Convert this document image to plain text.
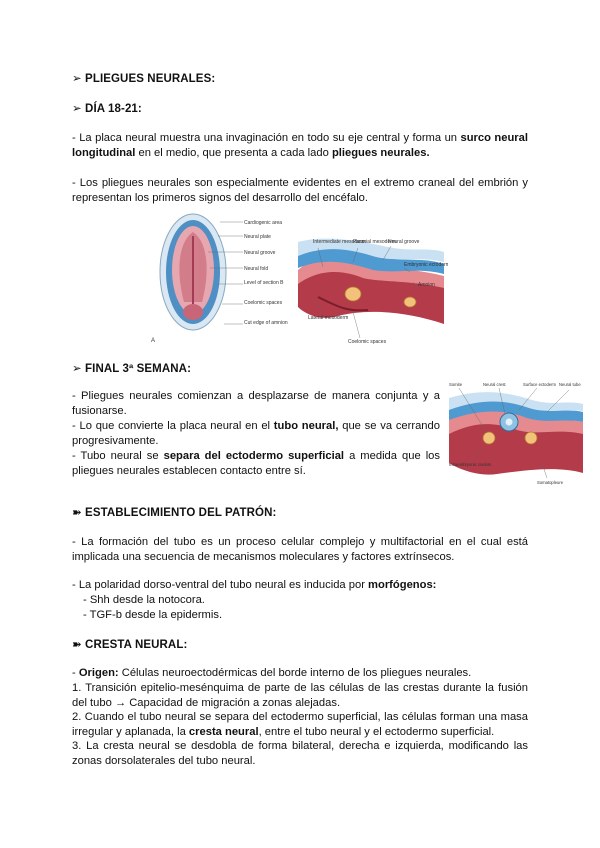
➢ PLIEGUES NEURALES:
➢ DÍA 18-21:
- La placa neural muestra una invaginación en todo su eje central y forma un surco neural longitudinal en el medio, que presenta a cada lado pliegues neurales.
- Los pliegues neurales son especialmente evidentes en el extremo craneal del embrión y representan los primeros signos del desarrollo del encéfalo.
A
Cardiogenic area
Neural plate
Neural groove
Neural fold
Level of section B
Coelomic spaces
Cut edge of amnion
Intermediate mesoderm
Paraxial mesoderm
Neural groove
Embryonic ectoderm
Amnion
Lateral mesoderm
Coelomic spaces
➢ FINAL 3ª SEMANA:
- Pliegues neurales comienzan a desplazarse de manera conjunta y a fusionarse.
- Lo que convierte la placa neural en el tubo neural, que se va cerrando progresivamente.
- Tubo neural se separa del ectodermo superficial a medida que los pliegues neurales establecen contacto entre sí.
Somite	Neural crest	Surface ectoderm Neural tube
Intraembryonic coelom
Somatopleure
➽ ESTABLECIMIENTO DEL PATRÓN:
- La formación del tubo es un proceso celular complejo y multifactorial en el cual está implicada una secuencia de mecanismos moleculares y factores extrínsecos.
- La polaridad dorso-ventral del tubo neural es inducida por morfógenos:
- Shh desde la notocora.
- TGF-b desde la epidermis.
➽ CRESTA NEURAL:
- Origen: Células neuroectodérmicas del borde interno de los pliegues neurales.
1. Transición epitelio-mesénquima de parte de las células de las crestas durante la fusión del tubo → Capacidad de migración a zonas alejadas.
2. Cuando el tubo neural se separa del ectodermo superficial, las células forman una masa irregular y aplanada, la cresta neural, entre el tubo neural y el ectodermo superficial.
3. La cresta neural se desdobla de forma bilateral, derecha e izquierda, modificando las zonas dorsolaterales del tubo neural.
